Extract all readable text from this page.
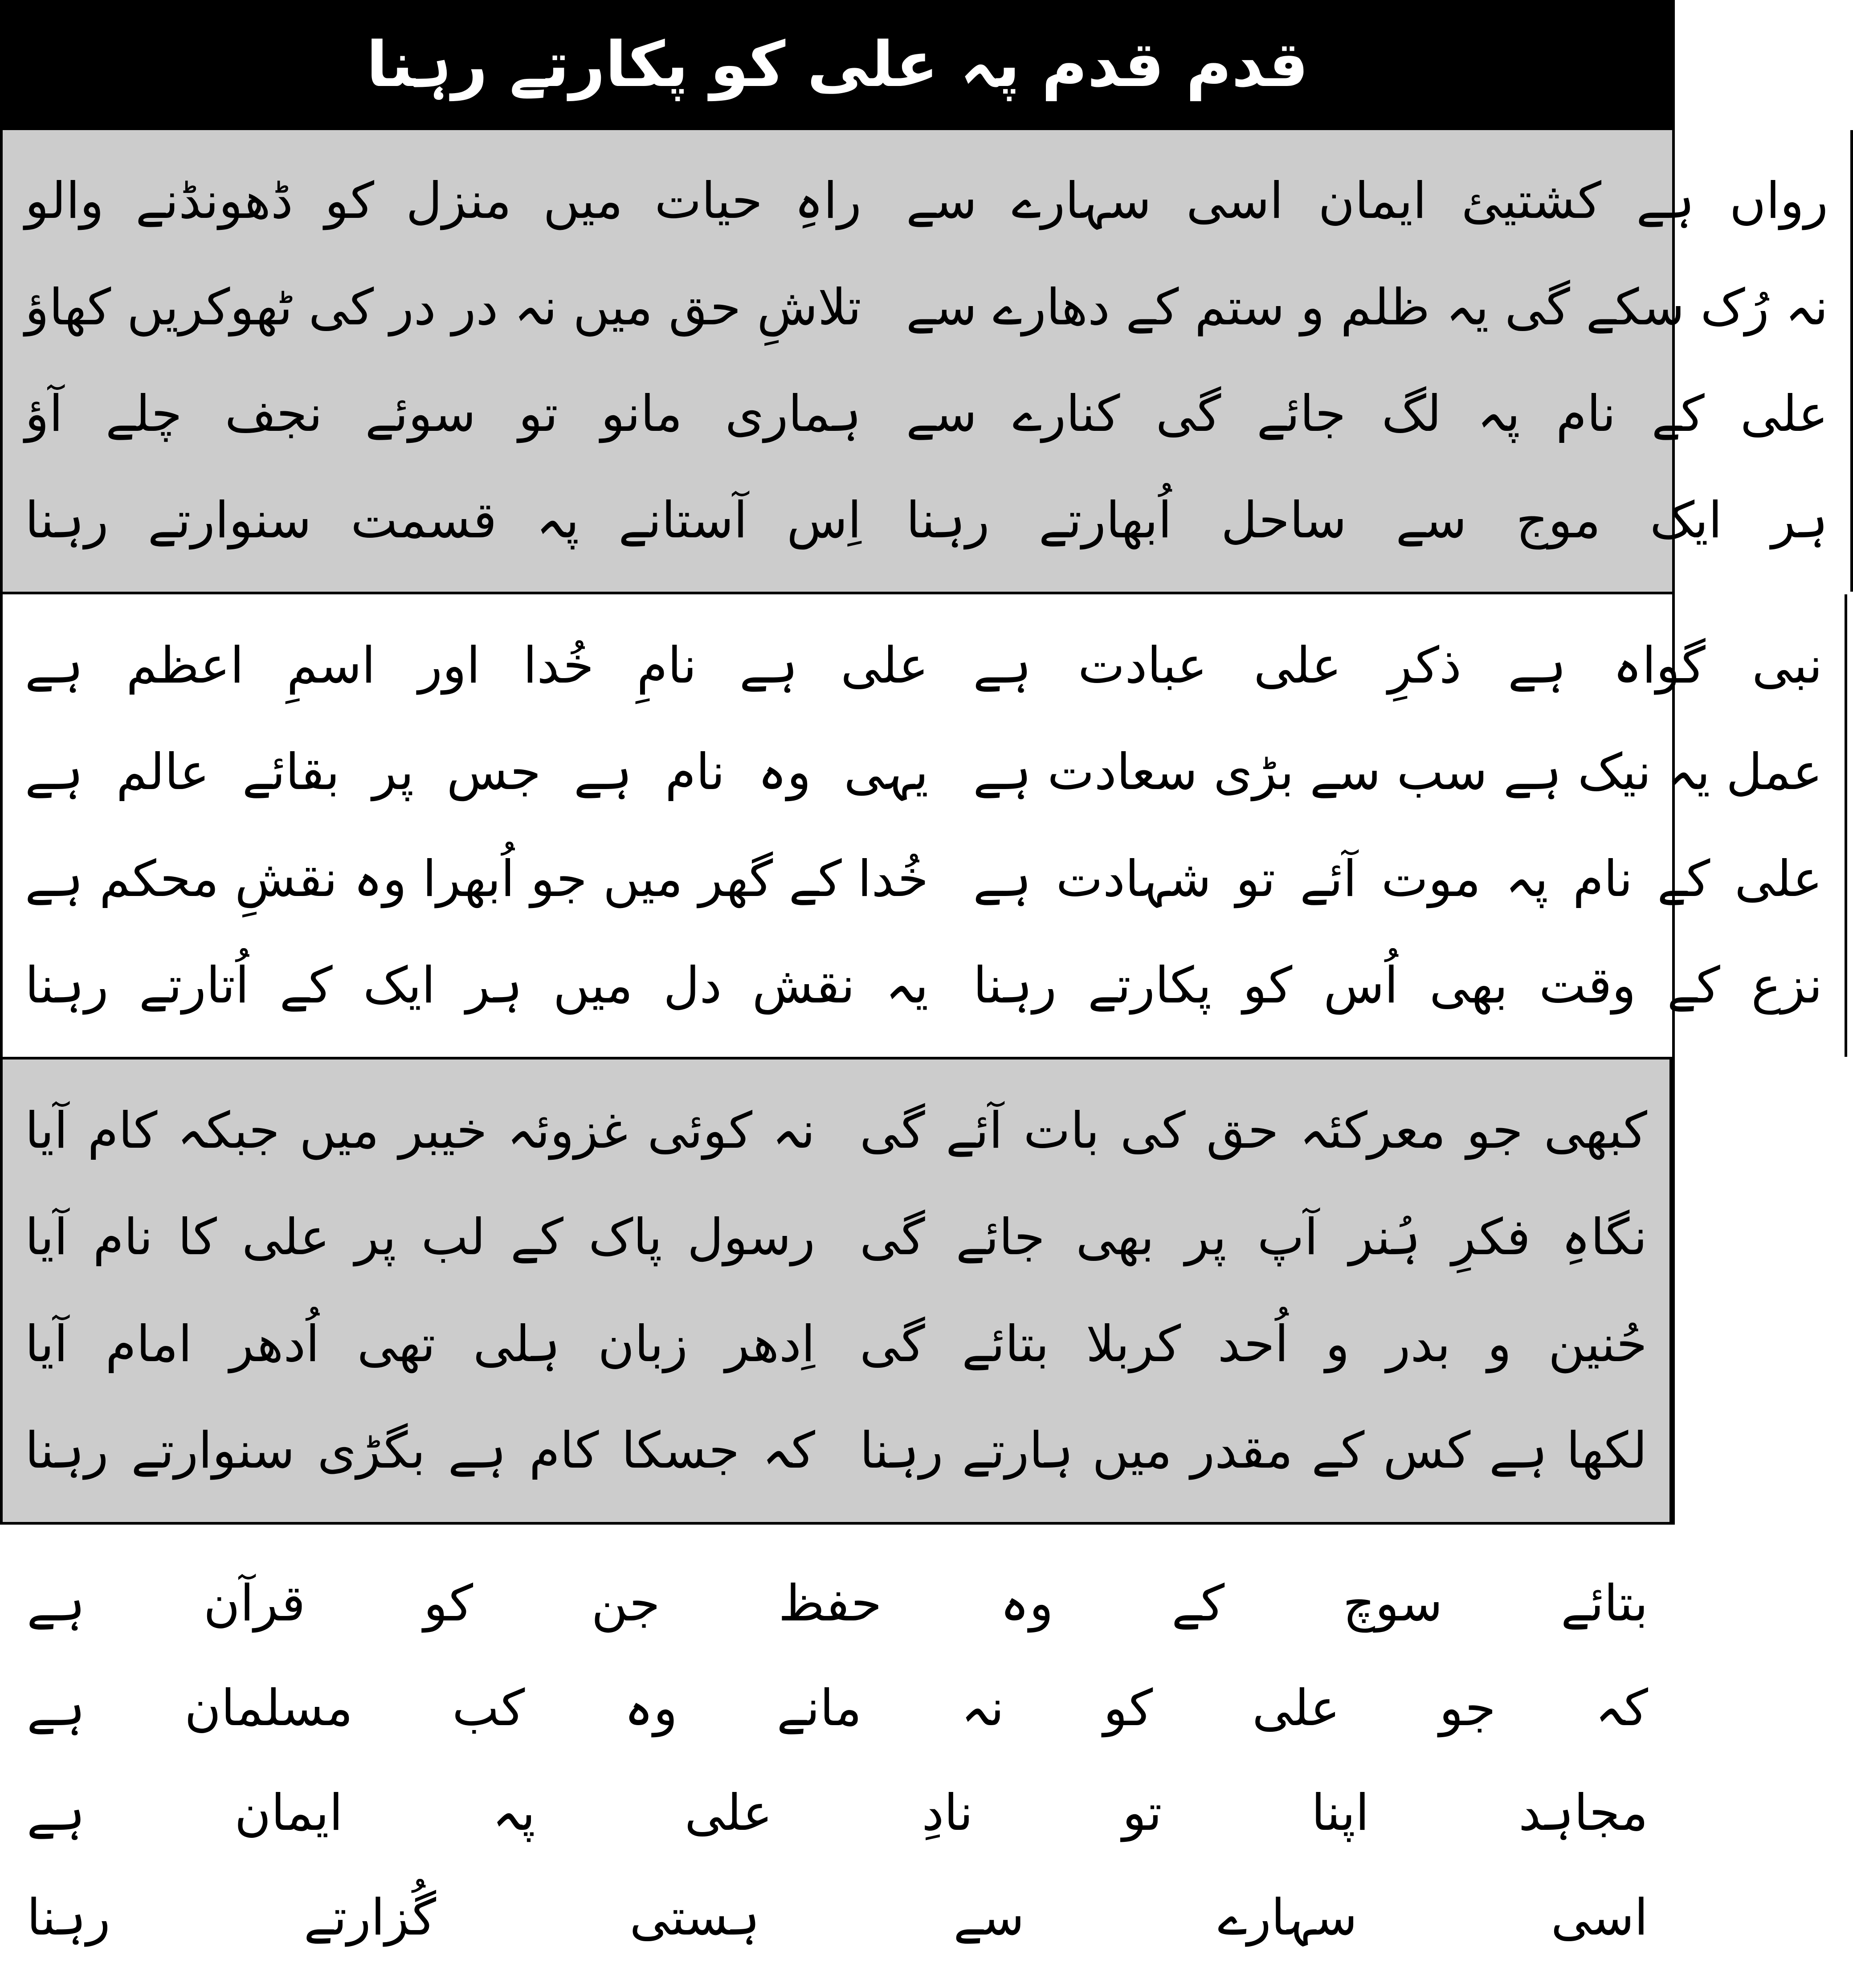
قدم قدم پہ علی کو پکارتے رہنا
راہِ حیات میں منزل کو ڈھونڈنے والو
تلاشِ حق میں نہ در در کی ٹھوکریں کھاؤ
ہماری مانو تو سوئے نجف چلے آؤ
اِس آستانے پہ قسمت سنوارتے رہنا
رواں ہے کشتیئ ایمان اسی سہارے سے
نہ رُک سکے گی یہ ظلم و ستم کے دھارے سے
علی کے نام پہ لگ جائے گی کنارے سے
ہر ایک موج سے ساحل اُبھارتے رہنا
علی ہے نامِ خُدا اور اسمِ اعظم ہے
یہی وہ نام ہے جس پر بقائے عالم ہے
خُدا کے گھر میں جو اُبھرا وہ نقشِ محکم ہے
یہ نقش دل میں ہر ایک کے اُتارتے رہنا
نبی گواہ ہے ذکرِ علی عبادت ہے
عمل یہ نیک ہے سب سے بڑی سعادت ہے
علی کے نام پہ موت آئے تو شہادت ہے
نزع کے وقت بھی اُس کو پکارتے رہنا
نہ کوئی غزوئہ خیبر میں جبکہ کام آیا
رسول پاک کے لب پر علی کا نام آیا
اِدھر زبان ہلی تھی اُدھر امام آیا
کہ جسکا کام ہے بگڑی سنوارتے رہنا
کبھی جو معرکئہ حق کی بات آئے گی
نگاہِ فکرِ ہُنر آپ پر بھی جائے گی
حُنین و بدر و اُحد کربلا بتائے گی
لکھا ہے کس کے مقدر میں ہارتے رہنا
بتائے
سوچ
کے
وہ
حفظ
جن
کو
قرآن
ہے
کہ
جو
علی
کو
نہ
مانے
وہ
کب
مسلمان
ہے
مجاہد
اپنا
تو
نادِ
علی
پہ
ایمان
ہے
اسی
سہارے
سے
ہستی
گُزارتے
رہنا
